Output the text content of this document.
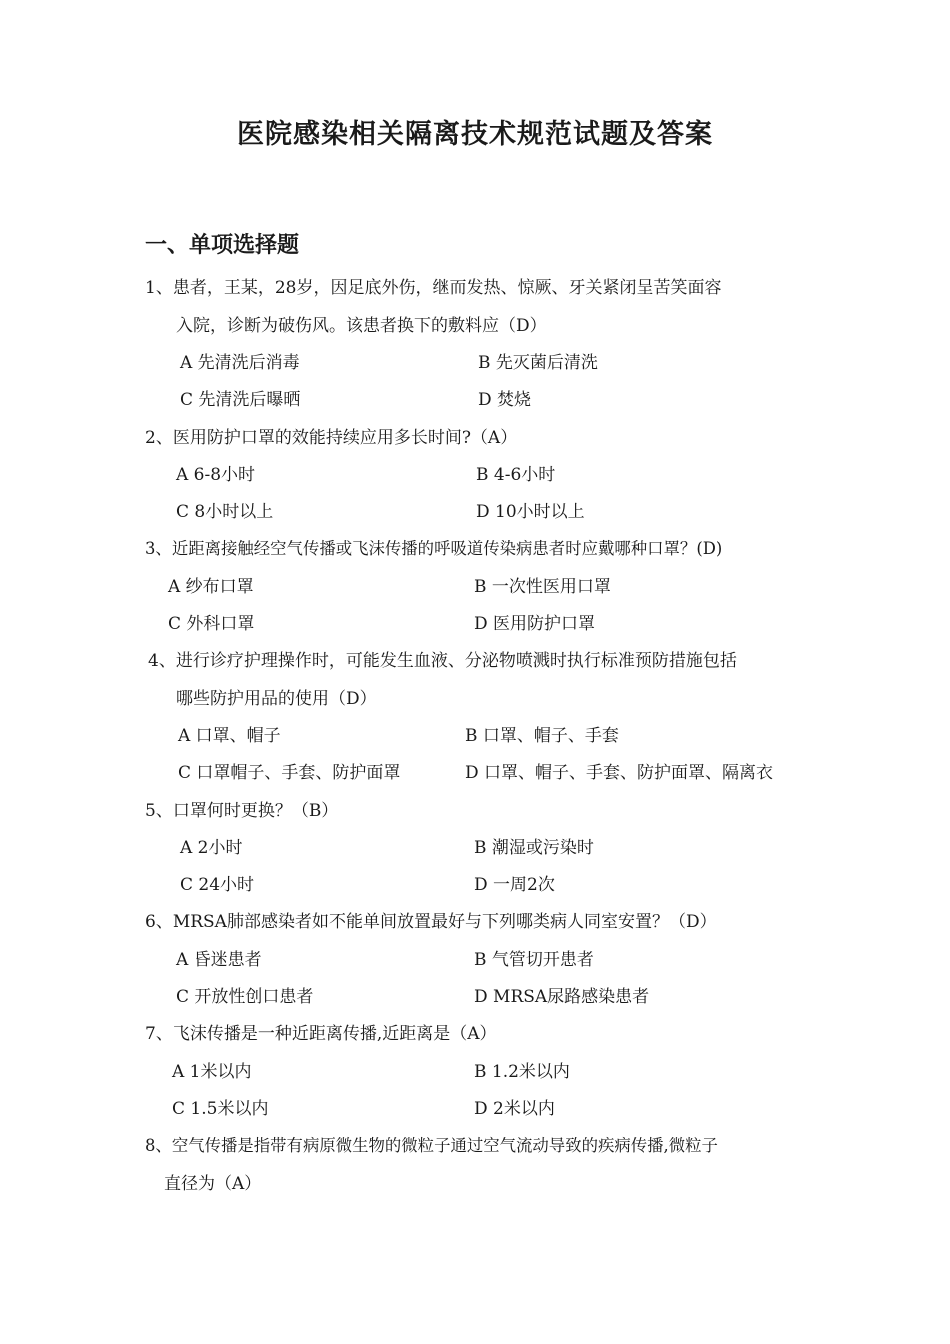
医院感染相关隔离技术规范试题及答案
一、单项选择题
1、患者，王某，28岁，因足底外伤，继而发热、惊厥、牙关紧闭呈苦笑面容
入院，诊断为破伤风。该患者换下的敷料应（D）
A 先清洗后消毒	B 先灭菌后清洗
C 先清洗后曝晒	D 焚烧
2、医用防护口罩的效能持续应用多长时间?（A）
A 6-8小时	B 4-6小时
C 8小时以上	D 10小时以上
3、近距离接触经空气传播或飞沫传播的呼吸道传染病患者时应戴哪种口罩？(D)
A 纱布口罩	B 一次性医用口罩
C 外科口罩	D 医用防护口罩
4、进行诊疗护理操作时，可能发生血液、分泌物喷溅时执行标准预防措施包括
哪些防护用品的使用（D）
A 口罩、帽子	B 口罩、帽子、手套
C 口罩帽子、手套、防护面罩	D 口罩、帽子、手套、防护面罩、隔离衣
5、口罩何时更换？（B）
A 2小时	B 潮湿或污染时
C 24小时	D 一周2次
6、MRSA肺部感染者如不能单间放置最好与下列哪类病人同室安置？（D）
A 昏迷患者	B 气管切开患者
C 开放性创口患者	D MRSA尿路感染患者
7、飞沫传播是一种近距离传播,近距离是（A）
A 1米以内	B 1.2米以内
C 1.5米以内	D 2米以内
8、空气传播是指带有病原微生物的微粒子通过空气流动导致的疾病传播,微粒子
直径为（A）
